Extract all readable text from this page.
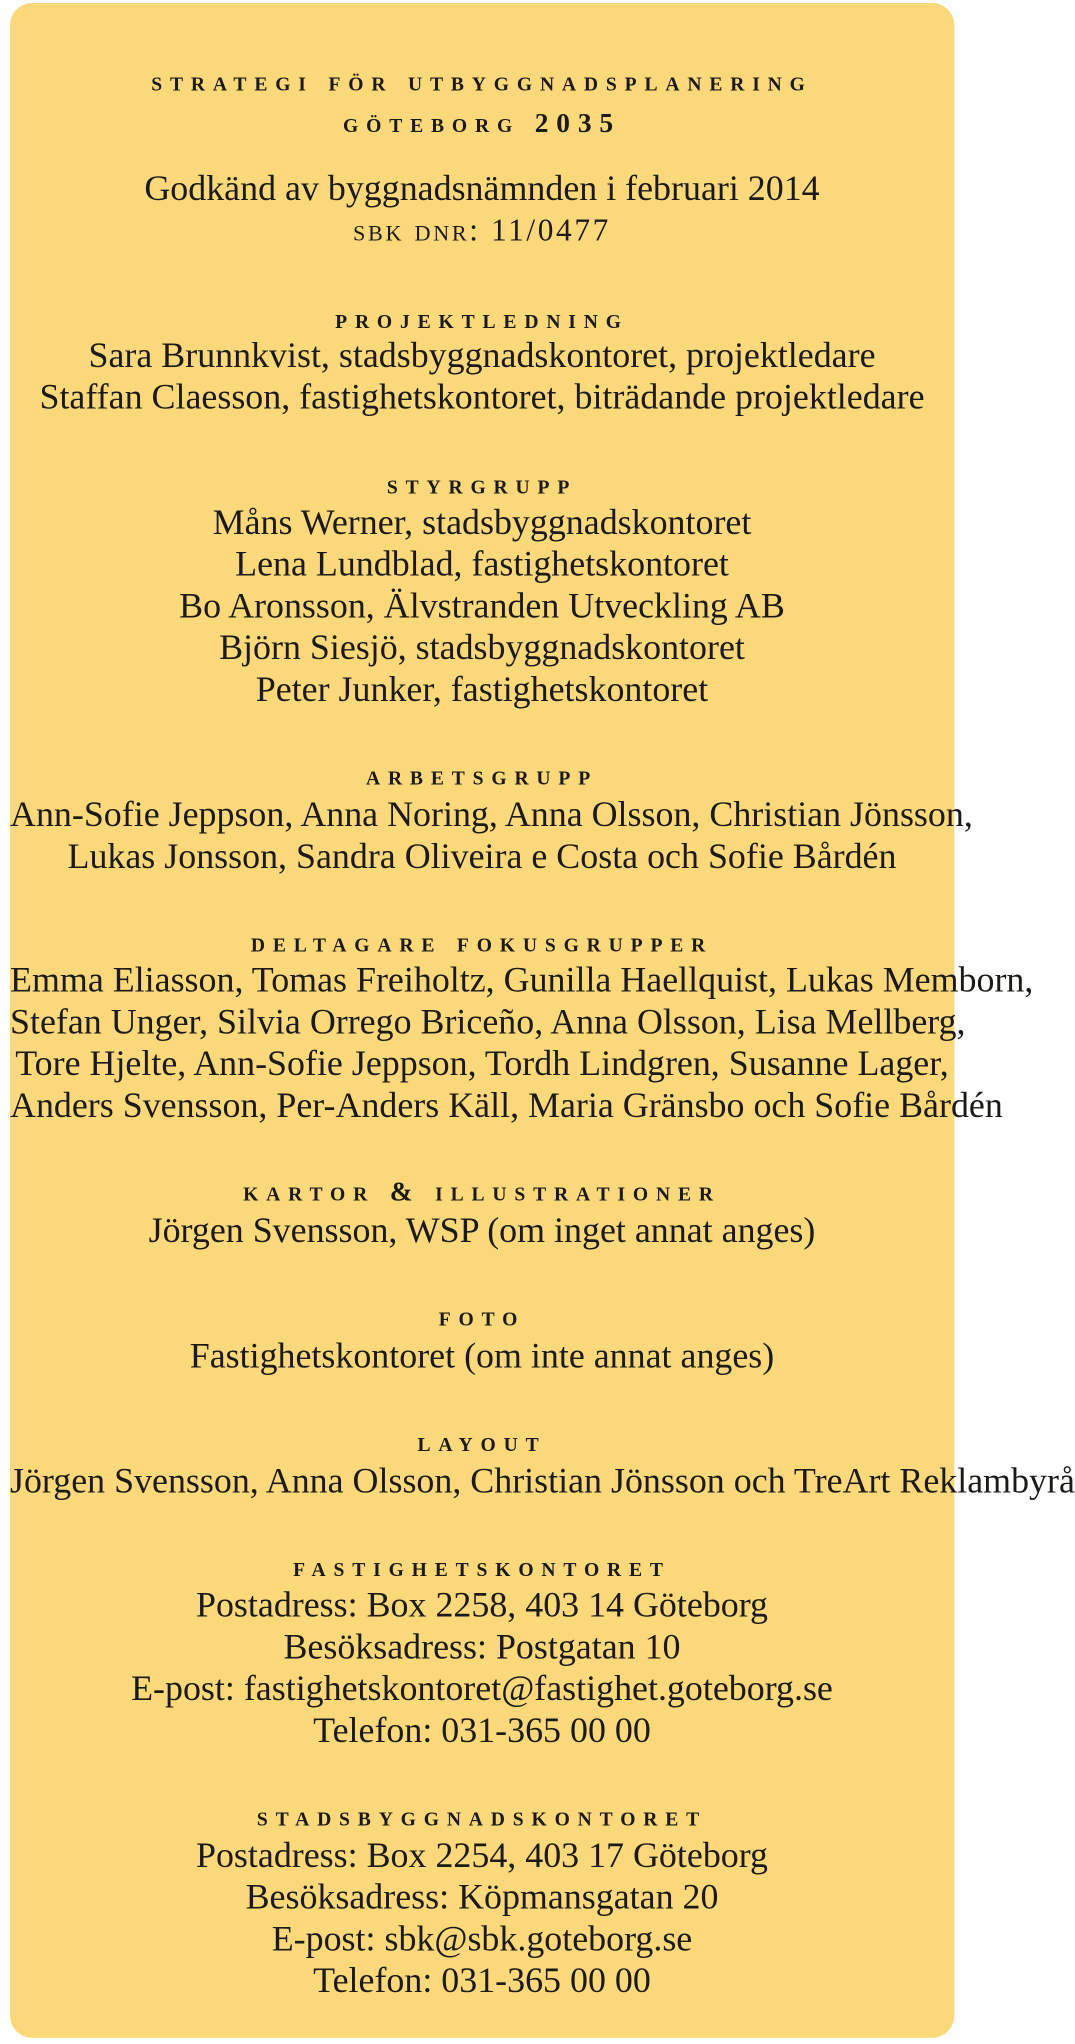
strategi för utbyggnadsplanering
göteborg 2035
Godkänd av byggnadsnämnden i februari 2014
sbk dnr: 11/0477
projektledning
Sara Brunnkvist, stadsbyggnadskontoret, projektledare
Staffan Claesson, fastighetskontoret, biträdande projektledare
styrgrupp
Måns Werner, stadsbyggnadskontoret
Lena Lundblad, fastighetskontoret
Bo Aronsson, Älvstranden Utveckling AB
Björn Siesjö, stadsbyggnadskontoret
Peter Junker, fastighetskontoret
arbetsgrupp
Ann-Sofie Jeppson, Anna Noring, Anna Olsson, Christian Jönsson,
Lukas Jonsson, Sandra Oliveira e Costa och Sofie Bårdén
deltagare fokusgrupper
Emma Eliasson, Tomas Freiholtz, Gunilla Haellquist, Lukas Memborn,
Stefan Unger, Silvia Orrego Briceño, Anna Olsson, Lisa Mellberg,
Tore Hjelte, Ann-Sofie Jeppson, Tordh Lindgren, Susanne Lager,
Anders Svensson, Per-Anders Käll, Maria Gränsbo och Sofie Bårdén
kartor & illustrationer
Jörgen Svensson, WSP (om inget annat anges)
foto
Fastighetskontoret (om inte annat anges)
layout
Jörgen Svensson, Anna Olsson, Christian Jönsson och TreArt Reklambyrå
fastighetskontoret
Postadress: Box 2258, 403 14 Göteborg
Besöksadress: Postgatan 10
E-post: fastighetskontoret@fastighet.goteborg.se
Telefon: 031-365 00 00
stadsbyggnadskontoret
Postadress: Box 2254, 403 17 Göteborg
Besöksadress: Köpmansgatan 20
E-post: sbk@sbk.goteborg.se
Telefon: 031-365 00 00
